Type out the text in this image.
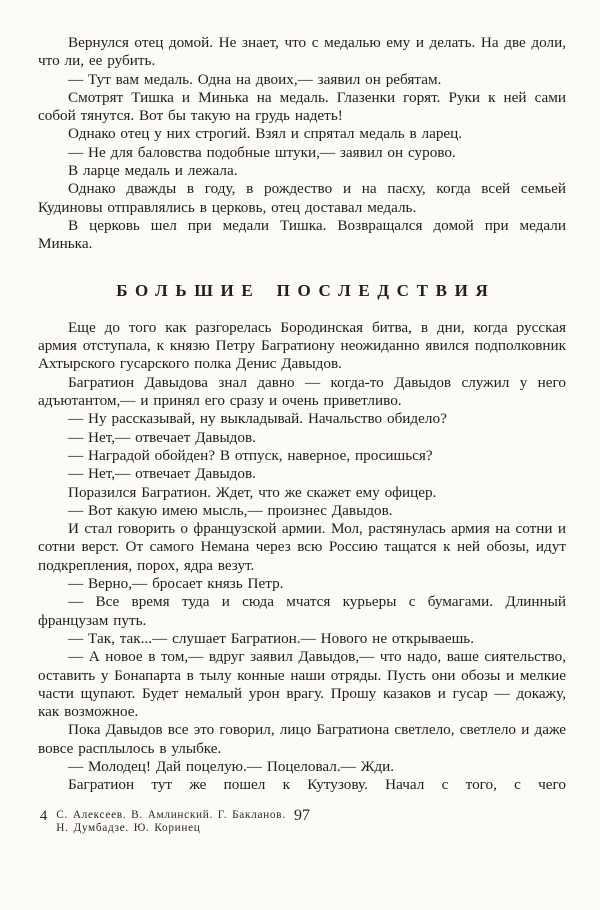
Вернулся отец домой. Не знает, что с медалью ему и делать. На две доли, что ли, ее рубить.

— Тут вам медаль. Одна на двоих,— заявил он ребятам.

Смотрят Тишка и Минька на медаль. Глазенки горят. Руки к ней сами собой тянутся. Вот бы такую на грудь надеть!

Однако отец у них строгий. Взял и спрятал медаль в ларец.

— Не для баловства подобные штуки,— заявил он сурово.

В ларце медаль и лежала.

Однако дважды в году, в рождество и на пасху, когда всей семьей Кудиновы отправлялись в церковь, отец доставал медаль.

В церковь шел при медали Тишка. Возвращался домой при медали Минька.

БОЛЬШИЕ ПОСЛЕДСТВИЯ

Еще до того как разгорелась Бородинская битва, в дни, когда русская армия отступала, к князю Петру Багратиону неожиданно явился подполковник Ахтырского гусарского полка Денис Давыдов.

Багратион Давыдова знал давно — когда-то Давыдов служил у него адъютантом,— и принял его сразу и очень приветливо.

— Ну рассказывай, ну выкладывай. Начальство обидело?

— Нет,— отвечает Давыдов.

— Наградой обойден? В отпуск, наверное, просишься?

— Нет,— отвечает Давыдов.

Поразился Багратион. Ждет, что же скажет ему офицер.

— Вот какую имею мысль,— произнес Давыдов.

И стал говорить о французской армии. Мол, растянулась армия на сотни и сотни верст. От самого Немана через всю Россию тащатся к ней обозы, идут подкрепления, порох, ядра везут.

— Верно,— бросает князь Петр.

— Все время туда и сюда мчатся курьеры с бумагами. Длинный французам путь.

— Так, так...— слушает Багратион.— Нового не открываешь.

— А новое в том,— вдруг заявил Давыдов,— что надо, ваше сиятельство, оставить у Бонапарта в тылу конные наши отряды. Пусть они обозы и мелкие части щупают. Будет немалый урон врагу. Прошу казаков и гусар — докажу, как возможное.

Пока Давыдов все это говорил, лицо Багратиона светлело, светлело и даже вовсе расплылось в улыбке.

— Молодец! Дай поцелую.— Поцеловал.— Жди.

Багратион тут же пошел к Кутузову. Начал с того, с чего

4 С. Алексеев. В. Амлинский. Г. Бакланов.
Н. Думбадзе. Ю. Коринец
97
